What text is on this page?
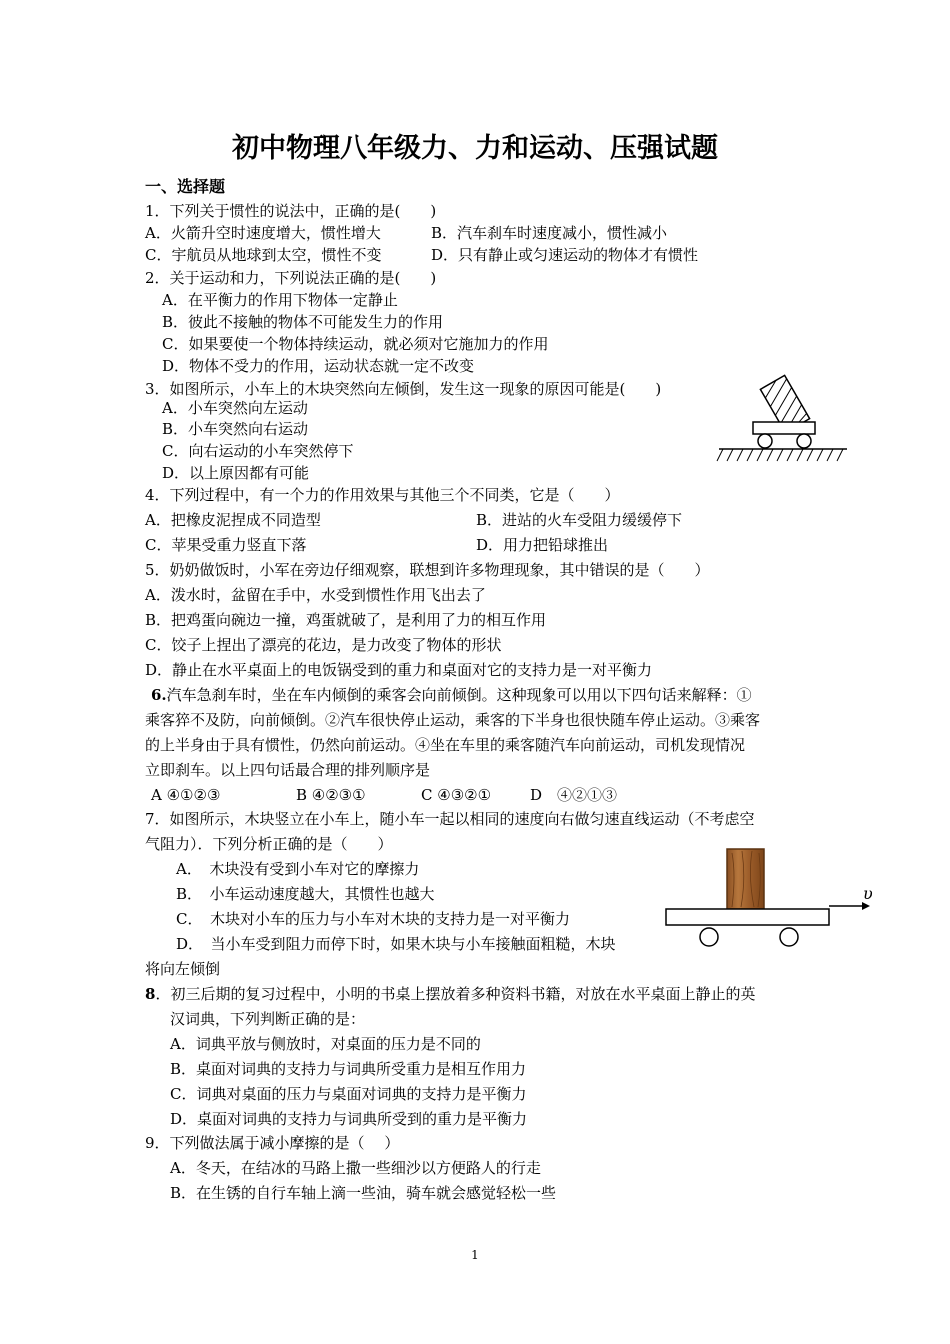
初中物理八年级力、力和运动、压强试题
一、选择题
1．下列关于惯性的说法中，正确的是(　　)
A．火箭升空时速度增大，惯性增大	B．汽车刹车时速度减小，惯性减小
C．宇航员从地球到太空，惯性不变	D．只有静止或匀速运动的物体才有惯性
2．关于运动和力，下列说法正确的是(　　)
A．在平衡力的作用下物体一定静止
B．彼此不接触的物体不可能发生力的作用
C．如果要使一个物体持续运动，就必须对它施加力的作用
D．物体不受力的作用，运动状态就一定不改变
3．如图所示，小车上的木块突然向左倾倒，发生这一现象的原因可能是(　　)
A．小车突然向左运动
B．小车突然向右运动
C．向右运动的小车突然停下
D．以上原因都有可能
4．下列过程中，有一个力的作用效果与其他三个不同类，它是（　　）
A．把橡皮泥捏成不同造型	B．进站的火车受阻力缓缓停下
C．苹果受重力竖直下落	D．用力把铅球推出
5．奶奶做饭时，小军在旁边仔细观察，联想到许多物理现象，其中错误的是（　　）
A．泼水时，盆留在手中，水受到惯性作用飞出去了
B．把鸡蛋向碗边一撞，鸡蛋就破了，是利用了力的相互作用
C．饺子上捏出了漂亮的花边，是力改变了物体的形状
D．静止在水平桌面上的电饭锅受到的重力和桌面对它的支持力是一对平衡力
6.汽车急刹车时，坐在车内倾倒的乘客会向前倾倒。这种现象可以用以下四句话来解释：①
乘客猝不及防，向前倾倒。②汽车很快停止运动，乘客的下半身也很快随车停止运动。③乘客
的上半身由于具有惯性，仍然向前运动。④坐在车里的乘客随汽车向前运动，司机发现情况
立即刹车。以上四句话最合理的排列顺序是
A ④①②③	B ④②③①	C ④③②①	D　④②①③
7．如图所示，木块竖立在小车上，随小车一起以相同的速度向右做匀速直线运动（不考虑空
气阻力）．下列分析正确的是（　　）
A．　木块没有受到小车对它的摩擦力
B．　小车运动速度越大，其惯性也越大
C．　木块对小车的压力与小车对木块的支持力是一对平衡力
D．　当小车受到阻力而停下时，如果木块与小车接触面粗糙，木块
将向左倾倒
υ
8．初三后期的复习过程中，小明的书桌上摆放着多种资料书籍，对放在水平桌面上静止的英
汉词典，下列判断正确的是：
A．词典平放与侧放时，对桌面的压力是不同的
B．桌面对词典的支持力与词典所受重力是相互作用力
C．词典对桌面的压力与桌面对词典的支持力是平衡力
D．桌面对词典的支持力与词典所受到的重力是平衡力
9．下列做法属于减小摩擦的是（　 ）
A．冬天，在结冰的马路上撒一些细沙以方便路人的行走
B．在生锈的自行车轴上滴一些油，骑车就会感觉轻松一些
1
